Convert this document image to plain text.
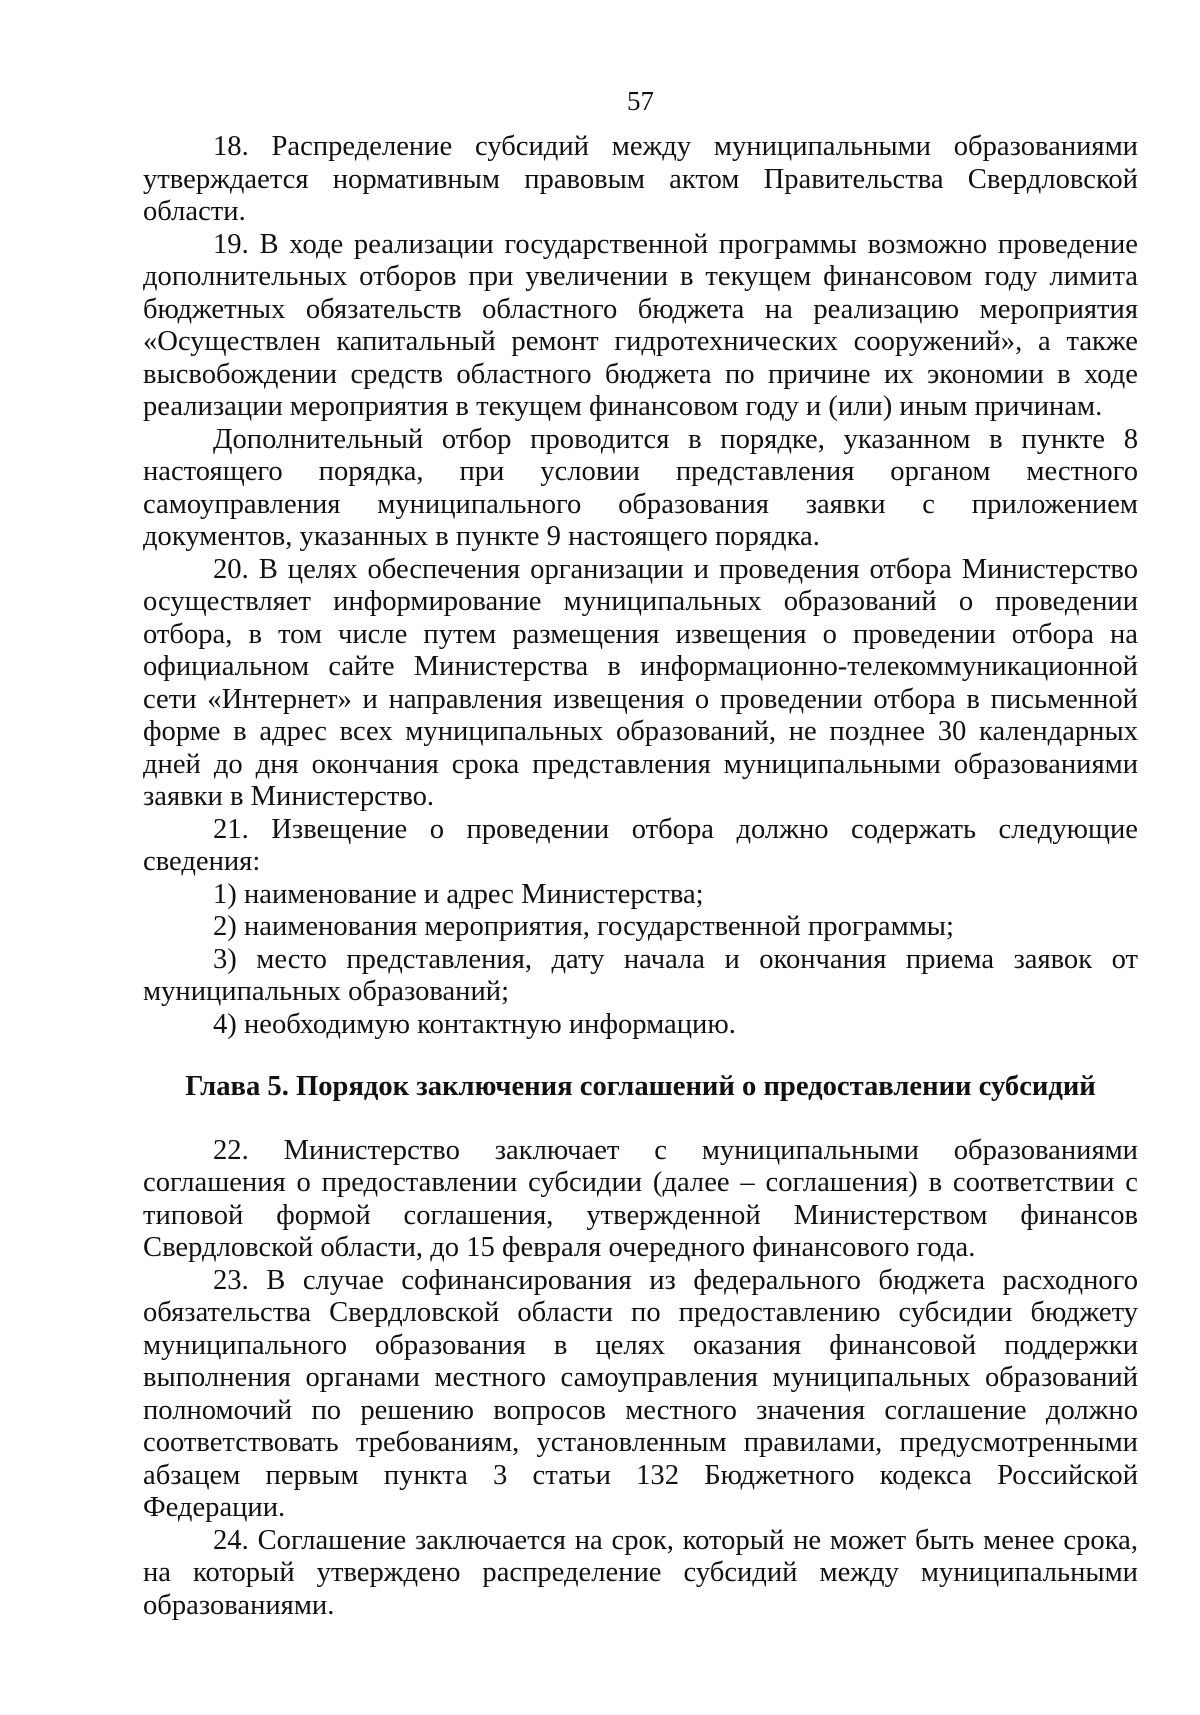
57

18. Распределение субсидий между муниципальными образованиями утверждается нормативным правовым актом Правительства Свердловской области.

19. В ходе реализации государственной программы возможно проведение дополнительных отборов при увеличении в текущем финансовом году лимита бюджетных обязательств областного бюджета на реализацию мероприятия «Осуществлен капитальный ремонт гидротехнических сооружений», а также высвобождении средств областного бюджета по причине их экономии в ходе реализации мероприятия в текущем финансовом году и (или) иным причинам.

Дополнительный отбор проводится в порядке, указанном в пункте 8 настоящего порядка, при условии представления органом местного самоуправления муниципального образования заявки с приложением документов, указанных в пункте 9 настоящего порядка.

20. В целях обеспечения организации и проведения отбора Министерство осуществляет информирование муниципальных образований о проведении отбора, в том числе путем размещения извещения о проведении отбора на официальном сайте Министерства в информационно-телекоммуникационной сети «Интернет» и направления извещения о проведении отбора в письменной форме в адрес всех муниципальных образований, не позднее 30 календарных дней до дня окончания срока представления муниципальными образованиями заявки в Министерство.

21. Извещение о проведении отбора должно содержать следующие сведения:

1) наименование и адрес Министерства;

2) наименования мероприятия, государственной программы;

3) место представления, дату начала и окончания приема заявок от муниципальных образований;

4) необходимую контактную информацию.

Глава 5. Порядок заключения соглашений о предоставлении субсидий

22. Министерство заключает с муниципальными образованиями соглашения о предоставлении субсидии (далее – соглашения) в соответствии с типовой формой соглашения, утвержденной Министерством финансов Свердловской области, до 15 февраля очередного финансового года.

23. В случае софинансирования из федерального бюджета расходного обязательства Свердловской области по предоставлению субсидии бюджету муниципального образования в целях оказания финансовой поддержки выполнения органами местного самоуправления муниципальных образований полномочий по решению вопросов местного значения соглашение должно соответствовать требованиям, установленным правилами, предусмотренными абзацем первым пункта 3 статьи 132 Бюджетного кодекса Российской Федерации.

24. Соглашение заключается на срок, который не может быть менее срока, на который утверждено распределение субсидий между муниципальными образованиями.
